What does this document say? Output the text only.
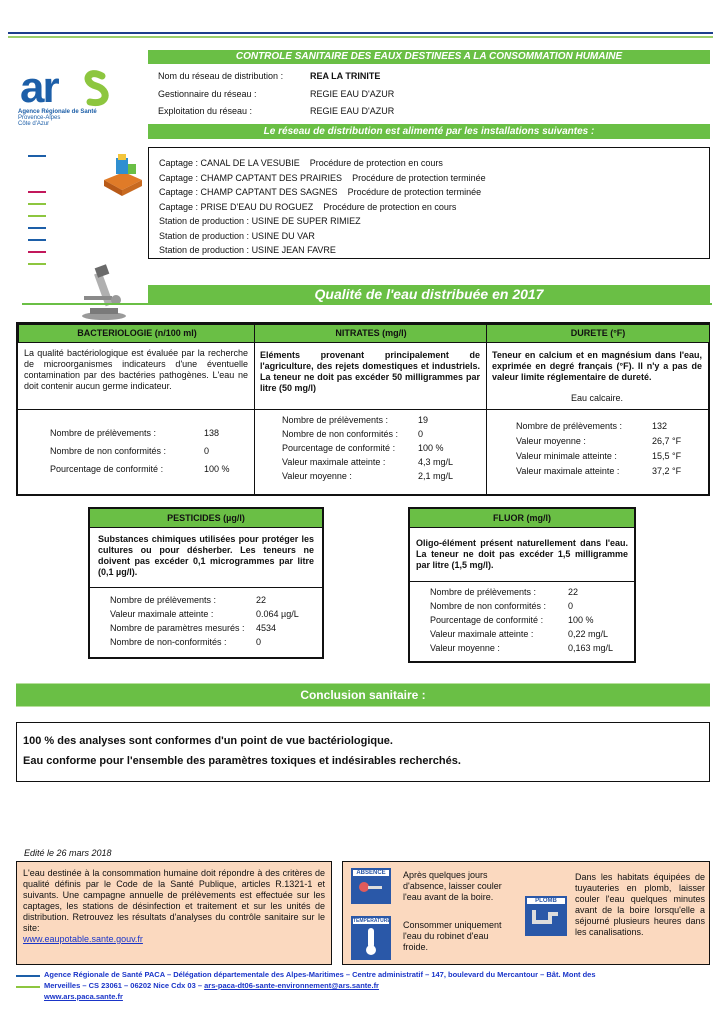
ar
Agence Régionale de Santé
Provence-Alpes
Côte d'Azur
CONTROLE SANITAIRE DES EAUX DESTINEES A LA CONSOMMATION HUMAINE
Nom du réseau de distribution :	REA LA TRINITE
Gestionnaire du réseau :	REGIE EAU D'AZUR
Exploitation du réseau :	REGIE EAU D'AZUR
Le réseau de distribution est alimenté par les installations suivantes :
Captage : CANAL DE LA VESUBIE Procédure de protection en cours
Captage : CHAMP CAPTANT DES PRAIRIES Procédure de protection terminée
Captage : CHAMP CAPTANT DES SAGNES Procédure de protection terminée
Captage : PRISE D'EAU DU ROGUEZ Procédure de protection en cours
Station de production : USINE DE SUPER RIMIEZ
Station de production : USINE DU VAR
Station de production : USINE JEAN FAVRE
Qualité de l'eau distribuée en 2017
BACTERIOLOGIE (n/100 ml)	NITRATES (mg/l)	DURETE (°F)
La qualité bactériologique est évaluée par la recherche de microorganismes indicateurs d'une éventuelle contamination par des bactéries pathogènes. L'eau ne doit contenir aucun germe indicateur.
Eléments provenant principalement de l'agriculture, des rejets domestiques et industriels. La teneur ne doit pas excéder 50 milligrammes par litre (50 mg/l)
Teneur en calcium et en magnésium dans l'eau, exprimée en degré français (°F). Il n'y a pas de valeur limite réglementaire de dureté.
Eau calcaire.
Nombre de prélèvements :	138
Nombre de non conformités :	0
Pourcentage de conformité :	100 %
Nombre de prélèvements :	19
Nombre de non conformités : 0
Pourcentage de conformité :	100 %
Valeur maximale atteinte :	4,3 mg/L
Valeur moyenne :	2,1 mg/L
Nombre de prélèvements :	132
Valeur moyenne :	26,7 °F
Valeur minimale atteinte :	15,5 °F
Valeur maximale atteinte :	37,2 °F
PESTICIDES (µg/l)
Substances chimiques utilisées pour protéger les cultures ou pour désherber. Les teneurs ne doivent pas excéder 0,1 microgrammes par litre (0,1 µg/l).
Nombre de prélèvements :	22
Valeur maximale atteinte :	0.064 µg/L
Nombre de paramètres mesurés : 4534
Nombre de non-conformités :	0
FLUOR (mg/l)
Oligo-élément présent naturellement dans l'eau. La teneur ne doit pas excéder 1,5 milligramme par litre (1,5 mg/l).
Nombre de prélèvements :	22
Nombre de non conformités : 0
Pourcentage de conformité :	100 %
Valeur maximale atteinte :	0,22 mg/L
Valeur moyenne :	0,163 mg/L
Conclusion sanitaire :
100 % des analyses sont conformes d'un point de vue bactériologique.
Eau conforme pour l'ensemble des paramètres toxiques et indésirables recherchés.
Edité le 26 mars 2018
L'eau destinée à la consommation humaine doit répondre à des critères de qualité définis par le Code de la Santé Publique, articles R.1321-1 et suivants. Une campagne annuelle de prélèvements est effectuée sur les captages, les stations de désinfection et traitement et sur les unités de distribution. Retrouvez les résultats d'analyses du contrôle sanitaire sur le site:
www.eaupotable.sante.gouv.fr
ABSENCE	Après quelques jours d'absence, laisser couler l'eau avant de la boire.
TEMPERATURE Consommer uniquement l'eau du robinet d'eau froide.
PLOMB
Dans les habitats équipées de tuyauteries en plomb, laisser couler l'eau quelques minutes avant de la boire lorsqu'elle a séjourné plusieurs heures dans les canalisations.
Agence Régionale de Santé PACA – Délégation départementale des Alpes-Maritimes – Centre administratif – 147, boulevard du Mercantour – Bât. Mont des
Merveilles – CS 23061 – 06202 Nice Cdx 03 – ars-paca-dt06-sante-environnement@ars.sante.fr
www.ars.paca.sante.fr
